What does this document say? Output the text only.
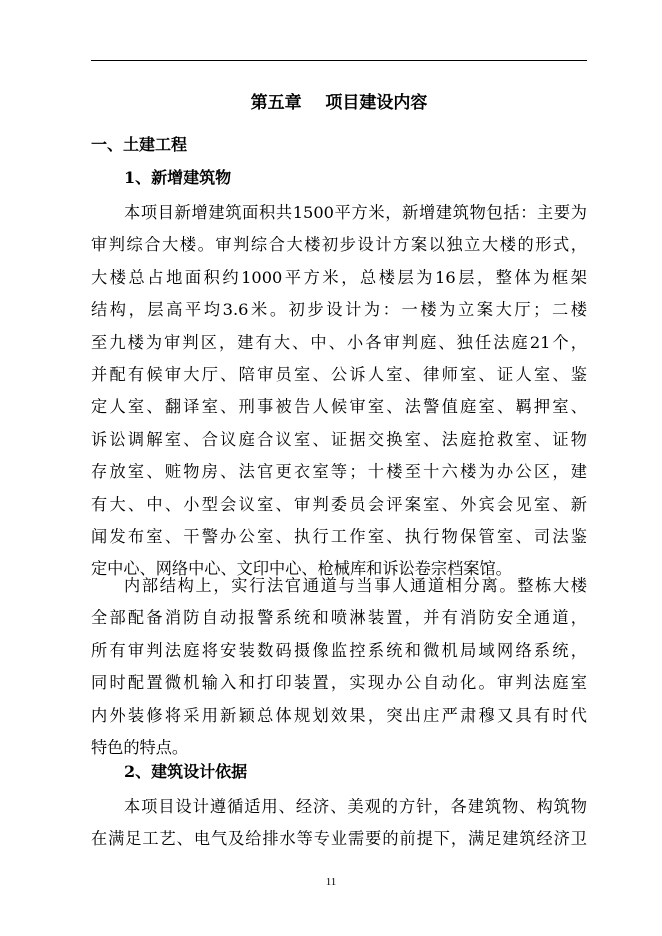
第五章    项目建设内容
一、土建工程
1、新增建筑物
本项目新增建筑面积共1500平方米，新增建筑物包括：主要为
审判综合大楼。审判综合大楼初步设计方案以独立大楼的形式，
大楼总占地面积约1000平方米，总楼层为16层，整体为框架
结构，层高平均3.6米。初步设计为：一楼为立案大厅；二楼
至九楼为审判区，建有大、中、小各审判庭、独任法庭21个，
并配有候审大厅、陪审员室、公诉人室、律师室、证人室、鉴
定人室、翻译室、刑事被告人候审室、法警值庭室、羁押室、
诉讼调解室、合议庭合议室、证据交换室、法庭抢救室、证物
存放室、赃物房、法官更衣室等；十楼至十六楼为办公区，建
有大、中、小型会议室、审判委员会评案室、外宾会见室、新
闻发布室、干警办公室、执行工作室、执行物保管室、司法鉴
定中心、网络中心、文印中心、枪械库和诉讼卷宗档案馆。
内部结构上，实行法官通道与当事人通道相分离。整栋大楼
全部配备消防自动报警系统和喷淋装置，并有消防安全通道，
所有审判法庭将安装数码摄像监控系统和微机局域网络系统，
同时配置微机输入和打印装置，实现办公自动化。审判法庭室
内外装修将采用新颖总体规划效果，突出庄严肃穆又具有时代
特色的特点。
2、建筑设计依据
本项目设计遵循适用、经济、美观的方针，各建筑物、构筑物
在满足工艺、电气及给排水等专业需要的前提下，满足建筑经济卫
11
